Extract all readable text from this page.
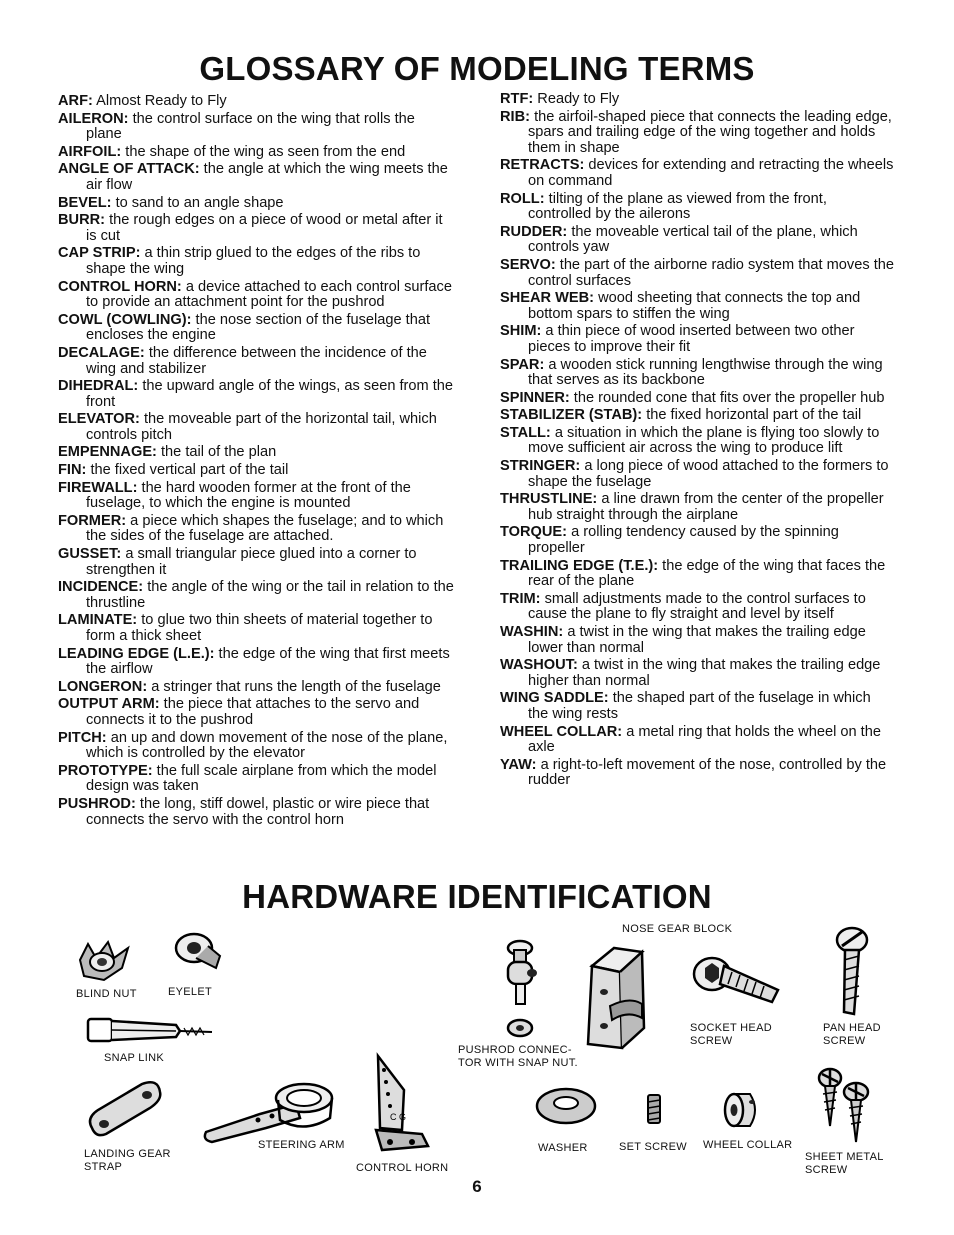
GLOSSARY OF MODELING TERMS
ARF: Almost Ready to Fly
AILERON: the control surface on the wing that rolls the plane
AIRFOIL: the shape of the wing as seen from the end
ANGLE OF ATTACK: the angle at which the wing meets the air flow
BEVEL: to sand to an angle shape
BURR: the rough edges on a piece of wood or metal after it is cut
CAP STRIP: a thin strip glued to the edges of the ribs to shape the wing
CONTROL HORN: a device attached to each control surface to provide an attachment point for the pushrod
COWL (COWLING): the nose section of the fuselage that encloses the engine
DECALAGE: the difference between the incidence of the wing and stabilizer
DIHEDRAL: the upward angle of the wings, as seen from the front
ELEVATOR: the moveable part of the horizontal tail, which controls pitch
EMPENNAGE: the tail of the plan
FIN: the fixed vertical part of the tail
FIREWALL: the hard wooden former at the front of the fuselage, to which the engine is mounted
FORMER: a piece which shapes the fuselage; and to which the sides of the fuselage are attached.
GUSSET: a small triangular piece glued into a corner to strengthen it
INCIDENCE: the angle of the wing or the tail in relation to the thrustline
LAMINATE: to glue two thin sheets of material together to form a thick sheet
LEADING EDGE (L.E.): the edge of the wing that first meets the airflow
LONGERON: a stringer that runs the length of the fuselage
OUTPUT ARM: the piece that attaches to the servo and connects it to the pushrod
PITCH: an up and down movement of the nose of the plane, which is controlled by the elevator
PROTOTYPE: the full scale airplane from which the model design was taken
PUSHROD: the long, stiff dowel, plastic or wire piece that connects the servo with the control horn
RTF: Ready to Fly
RIB: the airfoil-shaped piece that connects the leading edge, spars and trailing edge of the wing together and holds them in shape
RETRACTS: devices for extending and retracting the wheels on command
ROLL: tilting of the plane as viewed from the front, controlled by the ailerons
RUDDER: the moveable vertical tail of the plane, which controls yaw
SERVO: the part of the airborne radio system that moves the control surfaces
SHEAR WEB: wood sheeting that connects the top and bottom spars to stiffen the wing
SHIM: a thin piece of wood inserted between two other pieces to improve their fit
SPAR: a wooden stick running lengthwise through the wing that serves as its backbone
SPINNER: the rounded cone that fits over the propeller hub
STABILIZER (STAB): the fixed horizontal part of the tail
STALL: a situation in which the plane is flying too slowly to move sufficient air across the wing to produce lift
STRINGER: a long piece of wood attached to the formers to shape the fuselage
THRUSTLINE: a line drawn from the center of the propeller hub straight through the airplane
TORQUE: a rolling tendency caused by the spinning propeller
TRAILING EDGE (T.E.): the edge of the wing that faces the rear of the plane
TRIM: small adjustments made to the control surfaces to cause the plane to fly straight and level by itself
WASHIN: a twist in the wing that makes the trailing edge lower than normal
WASHOUT: a twist in the wing that makes the trailing edge higher than normal
WING SADDLE: the shaped part of the fuselage in which the wing rests
WHEEL COLLAR: a metal ring that holds the wheel on the axle
YAW: a right-to-left movement of the nose, controlled by the rudder
HARDWARE IDENTIFICATION
BLIND NUT	EYELET
SNAP LINK
LANDING GEAR
STRAP
STEERING ARM
C G
CONTROL HORN
PUSHROD CONNEC-
TOR WITH SNAP NUT.
NOSE GEAR BLOCK
SOCKET HEAD
SCREW
PAN HEAD
SCREW
WASHER	SET SCREW WHEEL COLLAR
SHEET METAL
SCREW
6
